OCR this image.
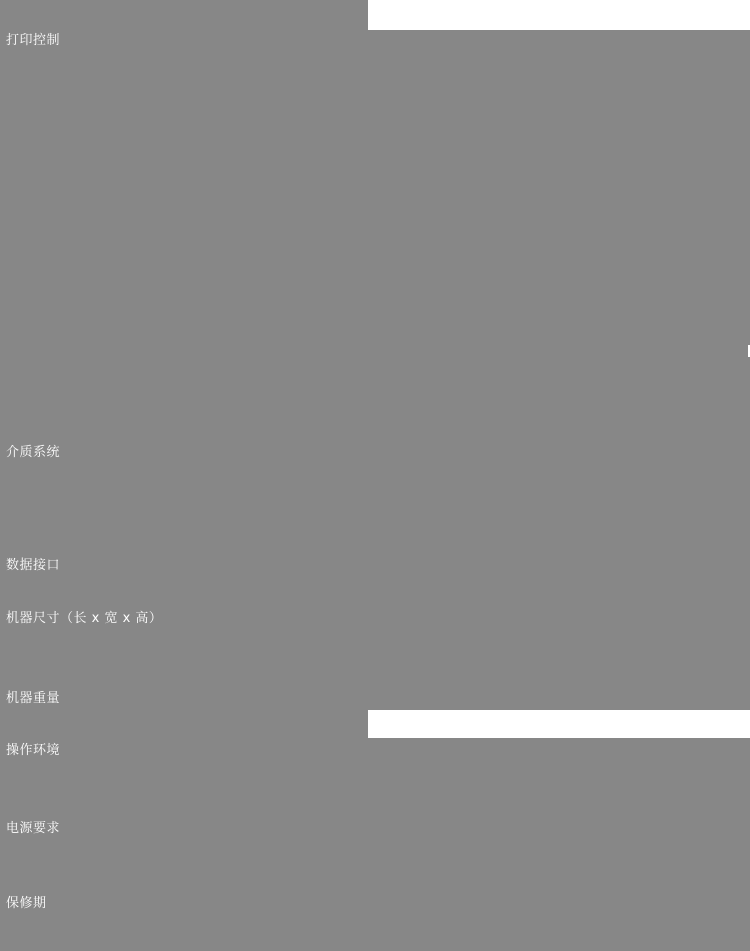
打印控制
介质系统
数据接口
机器尺寸（长 x 宽 x 高）
机器重量
操作环境
电源要求
保修期
